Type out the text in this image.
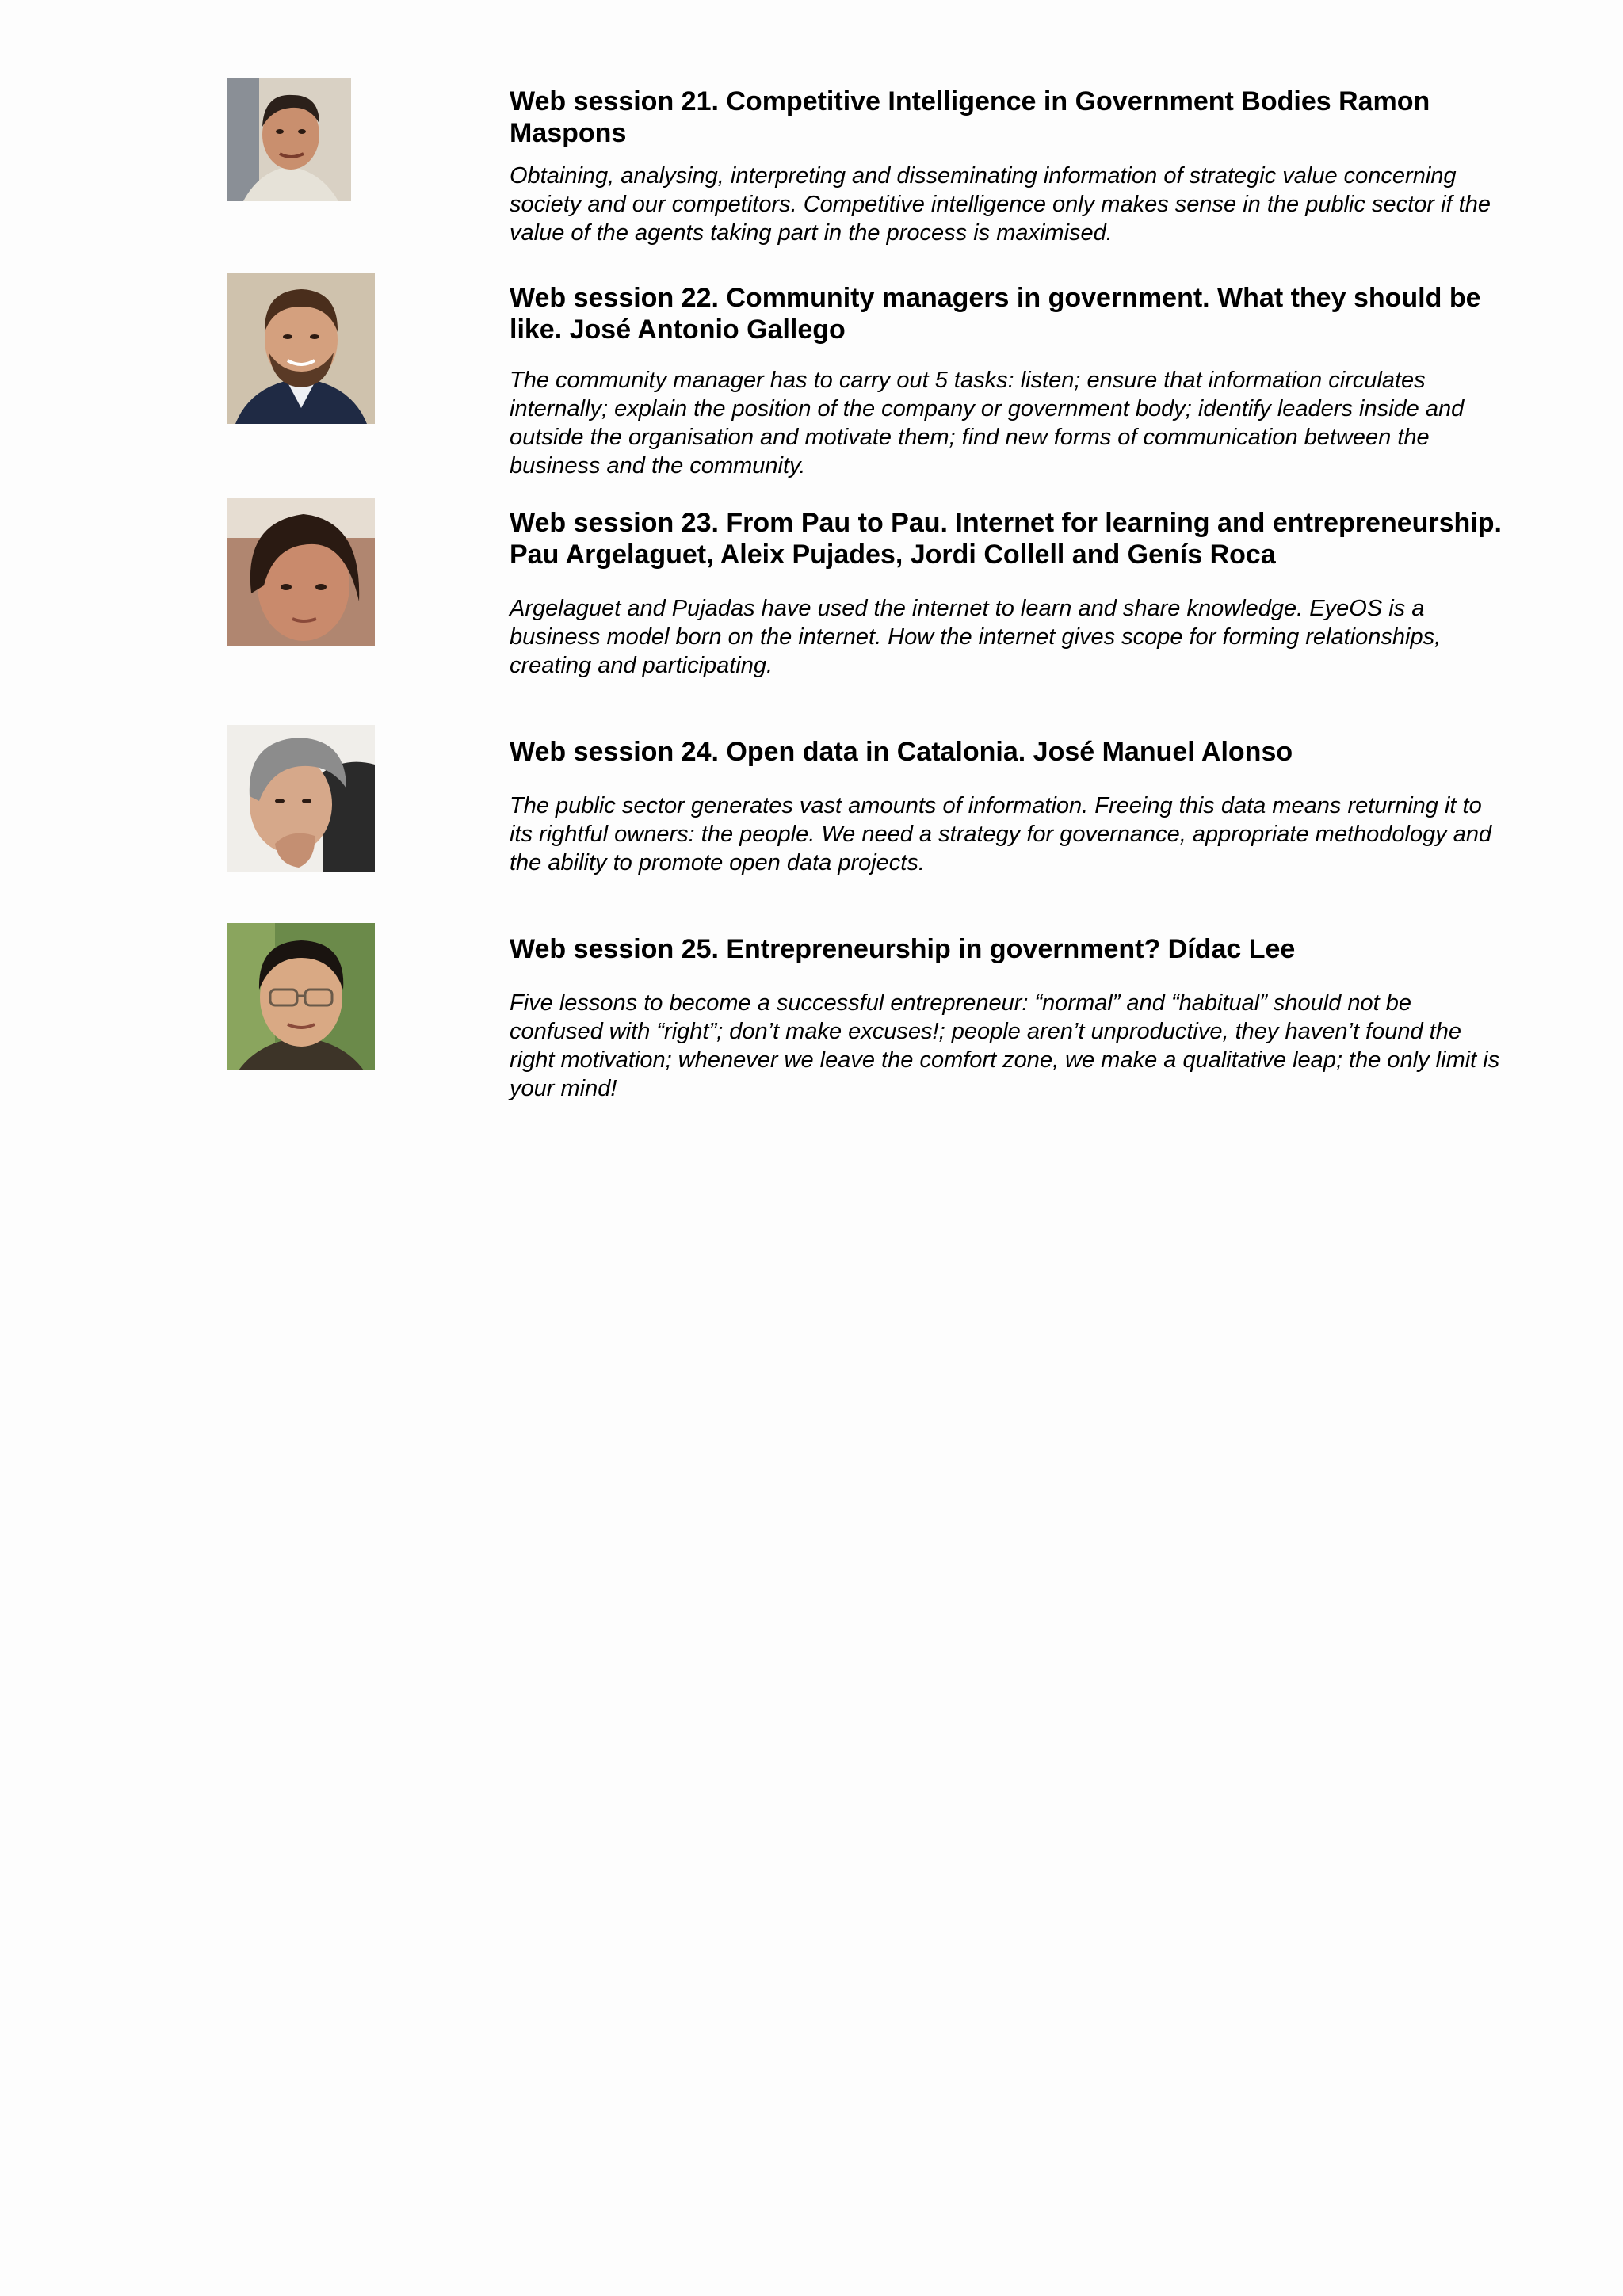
Web session 21. Competitive Intelligence in Government Bodies Ramon Maspons

Obtaining, analysing, interpreting and disseminating information of strategic value concerning society and our competitors. Competitive intelligence only makes sense in the public sector if the value of the agents taking part in the process is maximised.

Web session 22. Community managers in government. What they should be like. José Antonio Gallego

The community manager has to carry out 5 tasks: listen; ensure that information circulates internally; explain the position of the company or government body; identify leaders inside and outside the organisation and motivate them; find new forms of communication between the business and the community.

Web session 23. From Pau to Pau. Internet for learning and entrepreneurship. Pau Argelaguet, Aleix Pujades, Jordi Collell and Genís Roca

Argelaguet and Pujadas have used the internet to learn and share knowledge. EyeOS is a business model born on the internet. How the internet gives scope for forming relationships, creating and participating.

Web session 24. Open data in Catalonia. José Manuel Alonso

The public sector generates vast amounts of information. Freeing this data means returning it to its rightful owners: the people. We need a strategy for governance, appropriate methodology and the ability to promote open data projects.

Web session 25. Entrepreneurship in government? Dídac Lee

Five lessons to become a successful entrepreneur: “normal” and “habitual” should not be confused with “right”; don’t make excuses!; people aren’t unproductive, they haven’t found the right motivation; whenever we leave the comfort zone, we make a qualitative leap; the only limit is your mind!
